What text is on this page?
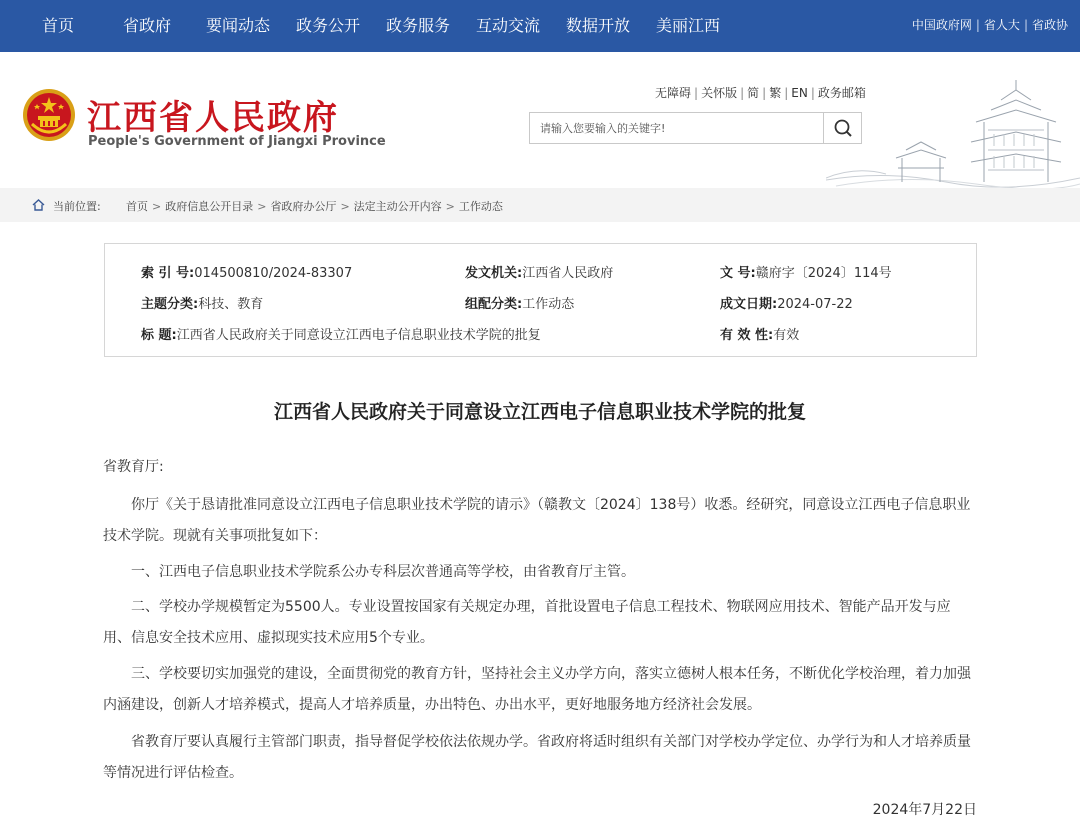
首页	省政府 要闻动态 政务公开 政务服务 互动交流 数据开放 美丽江西	中国政府网 | 省人大 | 省政协
江西省人民政府
People's Government of Jiangxi Province
无障碍 | 关怀版 | 简 | 繁 | EN | 政务邮箱
请输入您要输入的关键字!
当前位置: 首页 > 政府信息公开目录 > 省政府办公厅 > 法定主动公开内容 > 工作动态
索 引 号:014500810/2024-83307	发文机关:江西省人民政府	文 号:赣府字〔2024〕114号
主题分类:科技、教育	组配分类:工作动态	成文日期:2024-07-22
标 题:江西省人民政府关于同意设立江西电子信息职业技术学院的批复	有 效 性:有效
江西省人民政府关于同意设立江西电子信息职业技术学院的批复
省教育厅:
你厅《关于恳请批准同意设立江西电子信息职业技术学院的请示》（赣教文〔2024〕138号）收悉。经研究，同意设立江西电子信息职业技术学院。现就有关事项批复如下：
一、江西电子信息职业技术学院系公办专科层次普通高等学校，由省教育厅主管。
二、学校办学规模暂定为5500人。专业设置按国家有关规定办理，首批设置电子信息工程技术、物联网应用技术、智能产品开发与应用、信息安全技术应用、虚拟现实技术应用5个专业。
三、学校要切实加强党的建设，全面贯彻党的教育方针，坚持社会主义办学方向，落实立德树人根本任务，不断优化学校治理，着力加强内涵建设，创新人才培养模式，提高人才培养质量，办出特色、办出水平，更好地服务地方经济社会发展。
省教育厅要认真履行主管部门职责，指导督促学校依法依规办学。省政府将适时组织有关部门对学校办学定位、办学行为和人才培养质量等情况进行评估检查。
2024年7月22日
